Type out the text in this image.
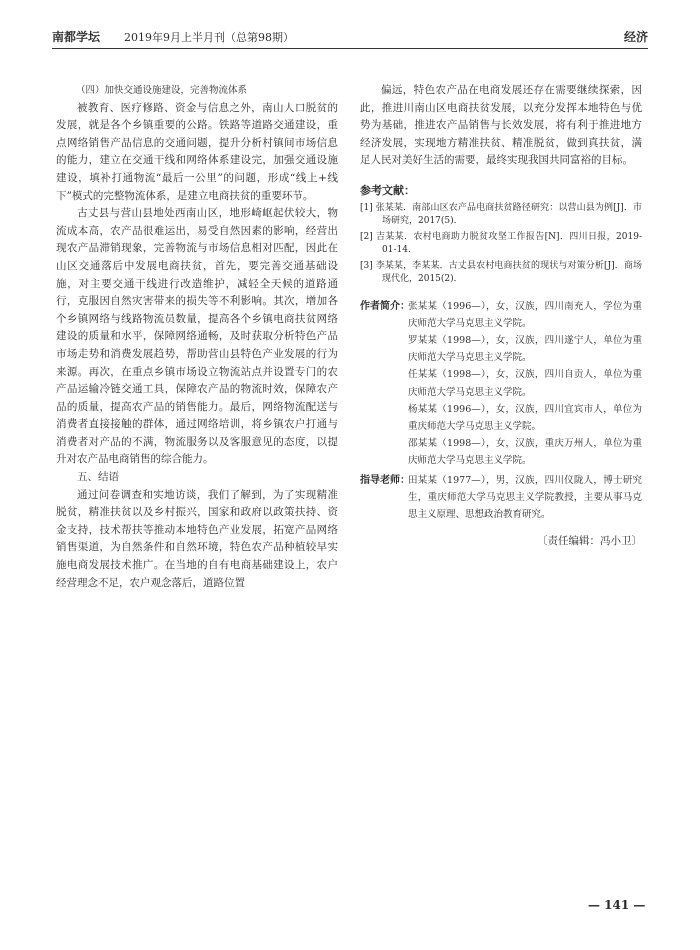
南都学坛 2019年9月上半月刊（总第98期）	经济

（四）加快交通设施建设，完善物流体系

被教育、医疗修路、资金与信息之外，南山人口脱贫的发展，就是各个乡镇重要的公路。铁路等道路交通建设，重点网络销售产品信息的交通问题，提升分析村镇间市场信息的能力，建立在交通干线和网络体系建设完，加强交通设施建设，填补打通物流“最后一公里”的问题，形成“线上+线下”模式的完整物流体系，是建立电商扶贫的重要环节。

古丈县与营山县地处西南山区，地形崎岖起伏较大，物流成本高，农产品很难运出，易受自然因素的影响，经营出现农产品滞销现象，完善物流与市场信息相对匹配，因此在山区交通落后中发展电商扶贫，首先，要完善交通基础设施，对主要交通干线进行改造维护，减轻全天候的道路通行，克服因自然灾害带来的损失等不利影响。其次，增加各个乡镇网络与线路物流员数量，提高各个乡镇电商扶贫网络建设的质量和水平，保障网络通畅，及时获取分析特色产品市场走势和消费发展趋势，帮助营山县特色产业发展的行为来源。再次，在重点乡镇市场设立物流站点并设置专门的农产品运输冷链交通工具，保障农产品的物流时效，保障农产品的质量，提高农产品的销售能力。最后，网络物流配送与消费者直接接触的群体，通过网络培训，将乡镇农户打通与消费者对产品的不满，物流服务以及客服意见的态度，以提升对农产品电商销售的综合能力。

五、结语

通过问卷调查和实地访谈，我们了解到，为了实现精准脱贫，精准扶贫以及乡村振兴，国家和政府以政策扶持、资金支持，技术帮扶等推动本地特色产业发展，拓宽产品网络销售渠道，为自然条件和自然环境，特色农产品种植较早实施电商发展技术推广。在当地的自有电商基础建设上，农户经营理念不足，农户观念落后，道路位置

偏远，特色农产品在电商发展还存在需要继续探索，因此，推进川南山区电商扶贫发展，以充分发挥本地特色与优势为基础，推进农产品销售与长效发展，将有利于推进地方经济发展，实现地方精准扶贫、精准脱贫，做到真扶贫，满足人民对美好生活的需要，最终实现我国共同富裕的目标。

参考文献：

[1] 张某某．南部山区农产品电商扶贫路径研究：以营山县为例[J]．市场研究，2017(5)．

[2] 吉某某．农村电商助力脱贫攻坚工作报告[N]．四川日报，2019-01-14．

[3] 李某某，李某某．古丈县农村电商扶贫的现状与对策分析[J]．商场现代化，2015(2)．

作者简介：

张某某（1996—），女，汉族，四川南充人，学位为重庆师范大学马克思主义学院。

罗某某（1998—），女，汉族，四川遂宁人，单位为重庆师范大学马克思主义学院。

任某某（1998—），女，汉族，四川自贡人，单位为重庆师范大学马克思主义学院。

杨某某（1996—），女，汉族，四川宜宾市人，单位为重庆师范大学马克思主义学院。

邵某某（1998—），女，汉族，重庆万州人，单位为重庆师范大学马克思主义学院。

指导老师：

田某某（1977—），男，汉族，四川仪陇人，博士研究生，重庆师范大学马克思主义学院教授，主要从事马克思主义原理、思想政治教育研究。

〔责任编辑：冯小卫〕
— 141 —
